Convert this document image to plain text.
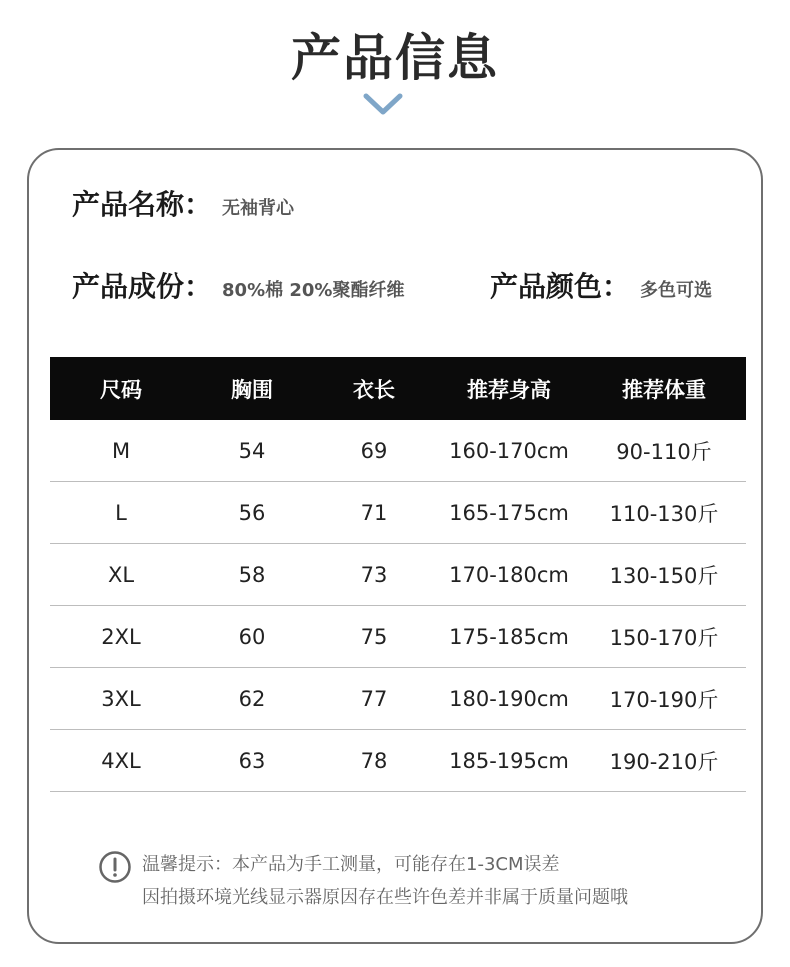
产品信息
产品名称： 无袖背心
产品成份： 80%棉 20%聚酯纤维	产品颜色： 多色可选
尺码	胸围	衣长	推荐身高	推荐体重
M	54	69	160-170cm	90-110斤
L	56	71	165-175cm	110-130斤
XL	58	73	170-180cm	130-150斤
2XL	60	75	175-185cm	150-170斤
3XL	62	77	180-190cm	170-190斤
4XL	63	78	185-195cm	190-210斤
温馨提示：本产品为手工测量，可能存在1-3CM误差
因拍摄环境光线显示器原因存在些许色差并非属于质量问题哦
